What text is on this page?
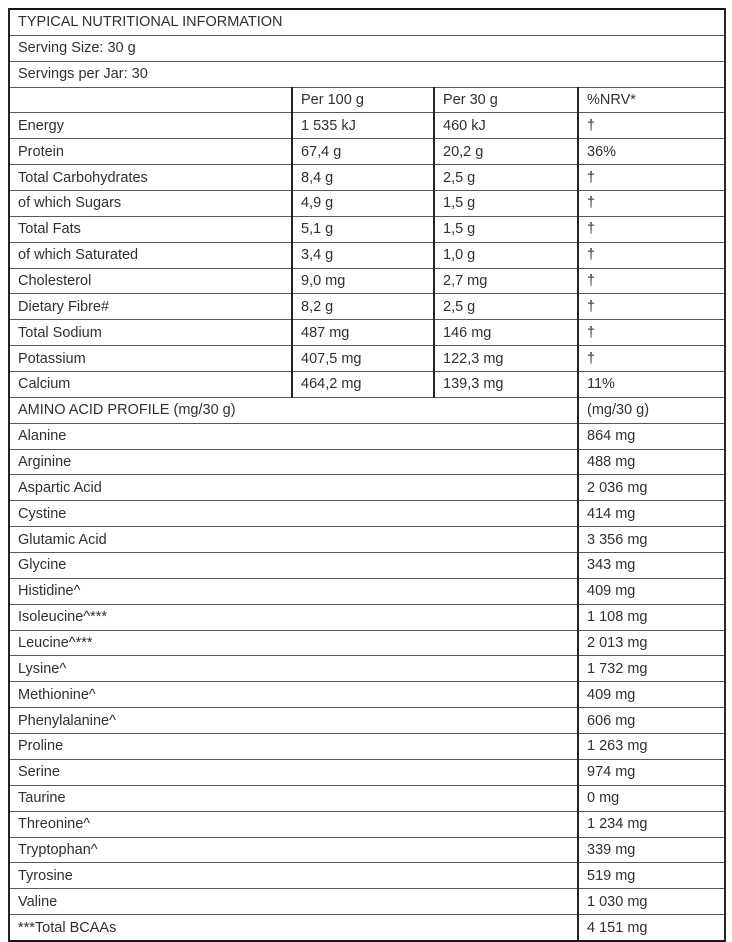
TYPICAL NUTRITIONAL INFORMATION			
Serving Size: 30 g			
Servings per Jar: 30			
	Per 100 g	Per 30 g	%NRV*
Energy	1 535 kJ	460 kJ	†
Protein	67,4 g	20,2 g	36%
Total Carbohydrates	8,4 g	2,5 g	†
of which Sugars	4,9 g	1,5 g	†
Total Fats	5,1 g	1,5 g	†
of which Saturated	3,4 g	1,0 g	†
Cholesterol	9,0 mg	2,7 mg	†
Dietary Fibre#	8,2 g	2,5 g	†
Total Sodium	487 mg	146 mg	†
Potassium	407,5 mg	122,3 mg	†
Calcium	464,2 mg	139,3 mg	11%
AMINO ACID PROFILE (mg/30 g)			(mg/30 g)
Alanine			864 mg
Arginine			488 mg
Aspartic Acid			2 036 mg
Cystine			414 mg
Glutamic Acid			3 356 mg
Glycine			343 mg
Histidine^			409 mg
Isoleucine^***			1 108 mg
Leucine^***			2 013 mg
Lysine^			1 732 mg
Methionine^			409 mg
Phenylalanine^			606 mg
Proline			1 263 mg
Serine			974 mg
Taurine			0 mg
Threonine^			1 234 mg
Tryptophan^			339 mg
Tyrosine			519 mg
Valine			1 030 mg
***Total BCAAs			4 151 mg
